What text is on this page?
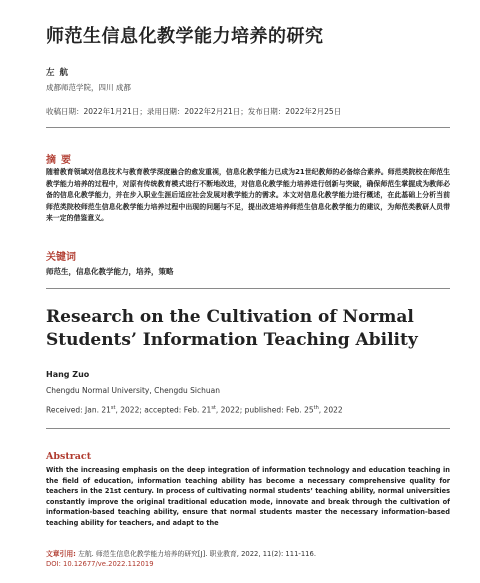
师范生信息化教学能力培养的研究
左航
成都师范学院，四川 成都
收稿日期：2022年1月21日；录用日期：2022年2月21日；发布日期：2022年2月25日
摘要

随着教育领域对信息技术与教育教学深度融合的愈发重视，信息化教学能力已成为21世纪教师的必备综合素养。师范类院校在师范生教学能力培养的过程中，对原有传统教育模式进行不断地改进，对信息化教学能力培养进行创新与突破，确保师范生掌握成为教师必备的信息化教学能力，并在步入职业生涯后适应社会发展对教学能力的需求。本文对信息化教学能力进行概述，在此基础上分析当前师范类院校师范生信息化教学能力培养过程中出现的问题与不足，提出改进培养师范生信息化教学能力的建议，为师范类教研人员带来一定的借鉴意义。

关键词
师范生，信息化教学能力，培养，策略
Research on the Cultivation of Normal Students’ Information Teaching Ability
Hang Zuo
Chengdu Normal University, Chengdu Sichuan
Received: Jan. 21st, 2022; accepted: Feb. 21st, 2022; published: Feb. 25th, 2022
Abstract

With the increasing emphasis on the deep integration of information technology and education teaching in the field of education, information teaching ability has become a necessary comprehensive quality for teachers in the 21st century. In process of cultivating normal students’ teaching ability, normal universities constantly improve the original traditional education mode, innovate and break through the cultivation of information-based teaching ability, ensure that normal students master the necessary information-based teaching ability for teachers, and adapt to the

文章引用: 左航. 师范生信息化教学能力培养的研究[J]. 职业教育, 2022, 11(2): 111-116.
DOI: 10.12677/ve.2022.112019
